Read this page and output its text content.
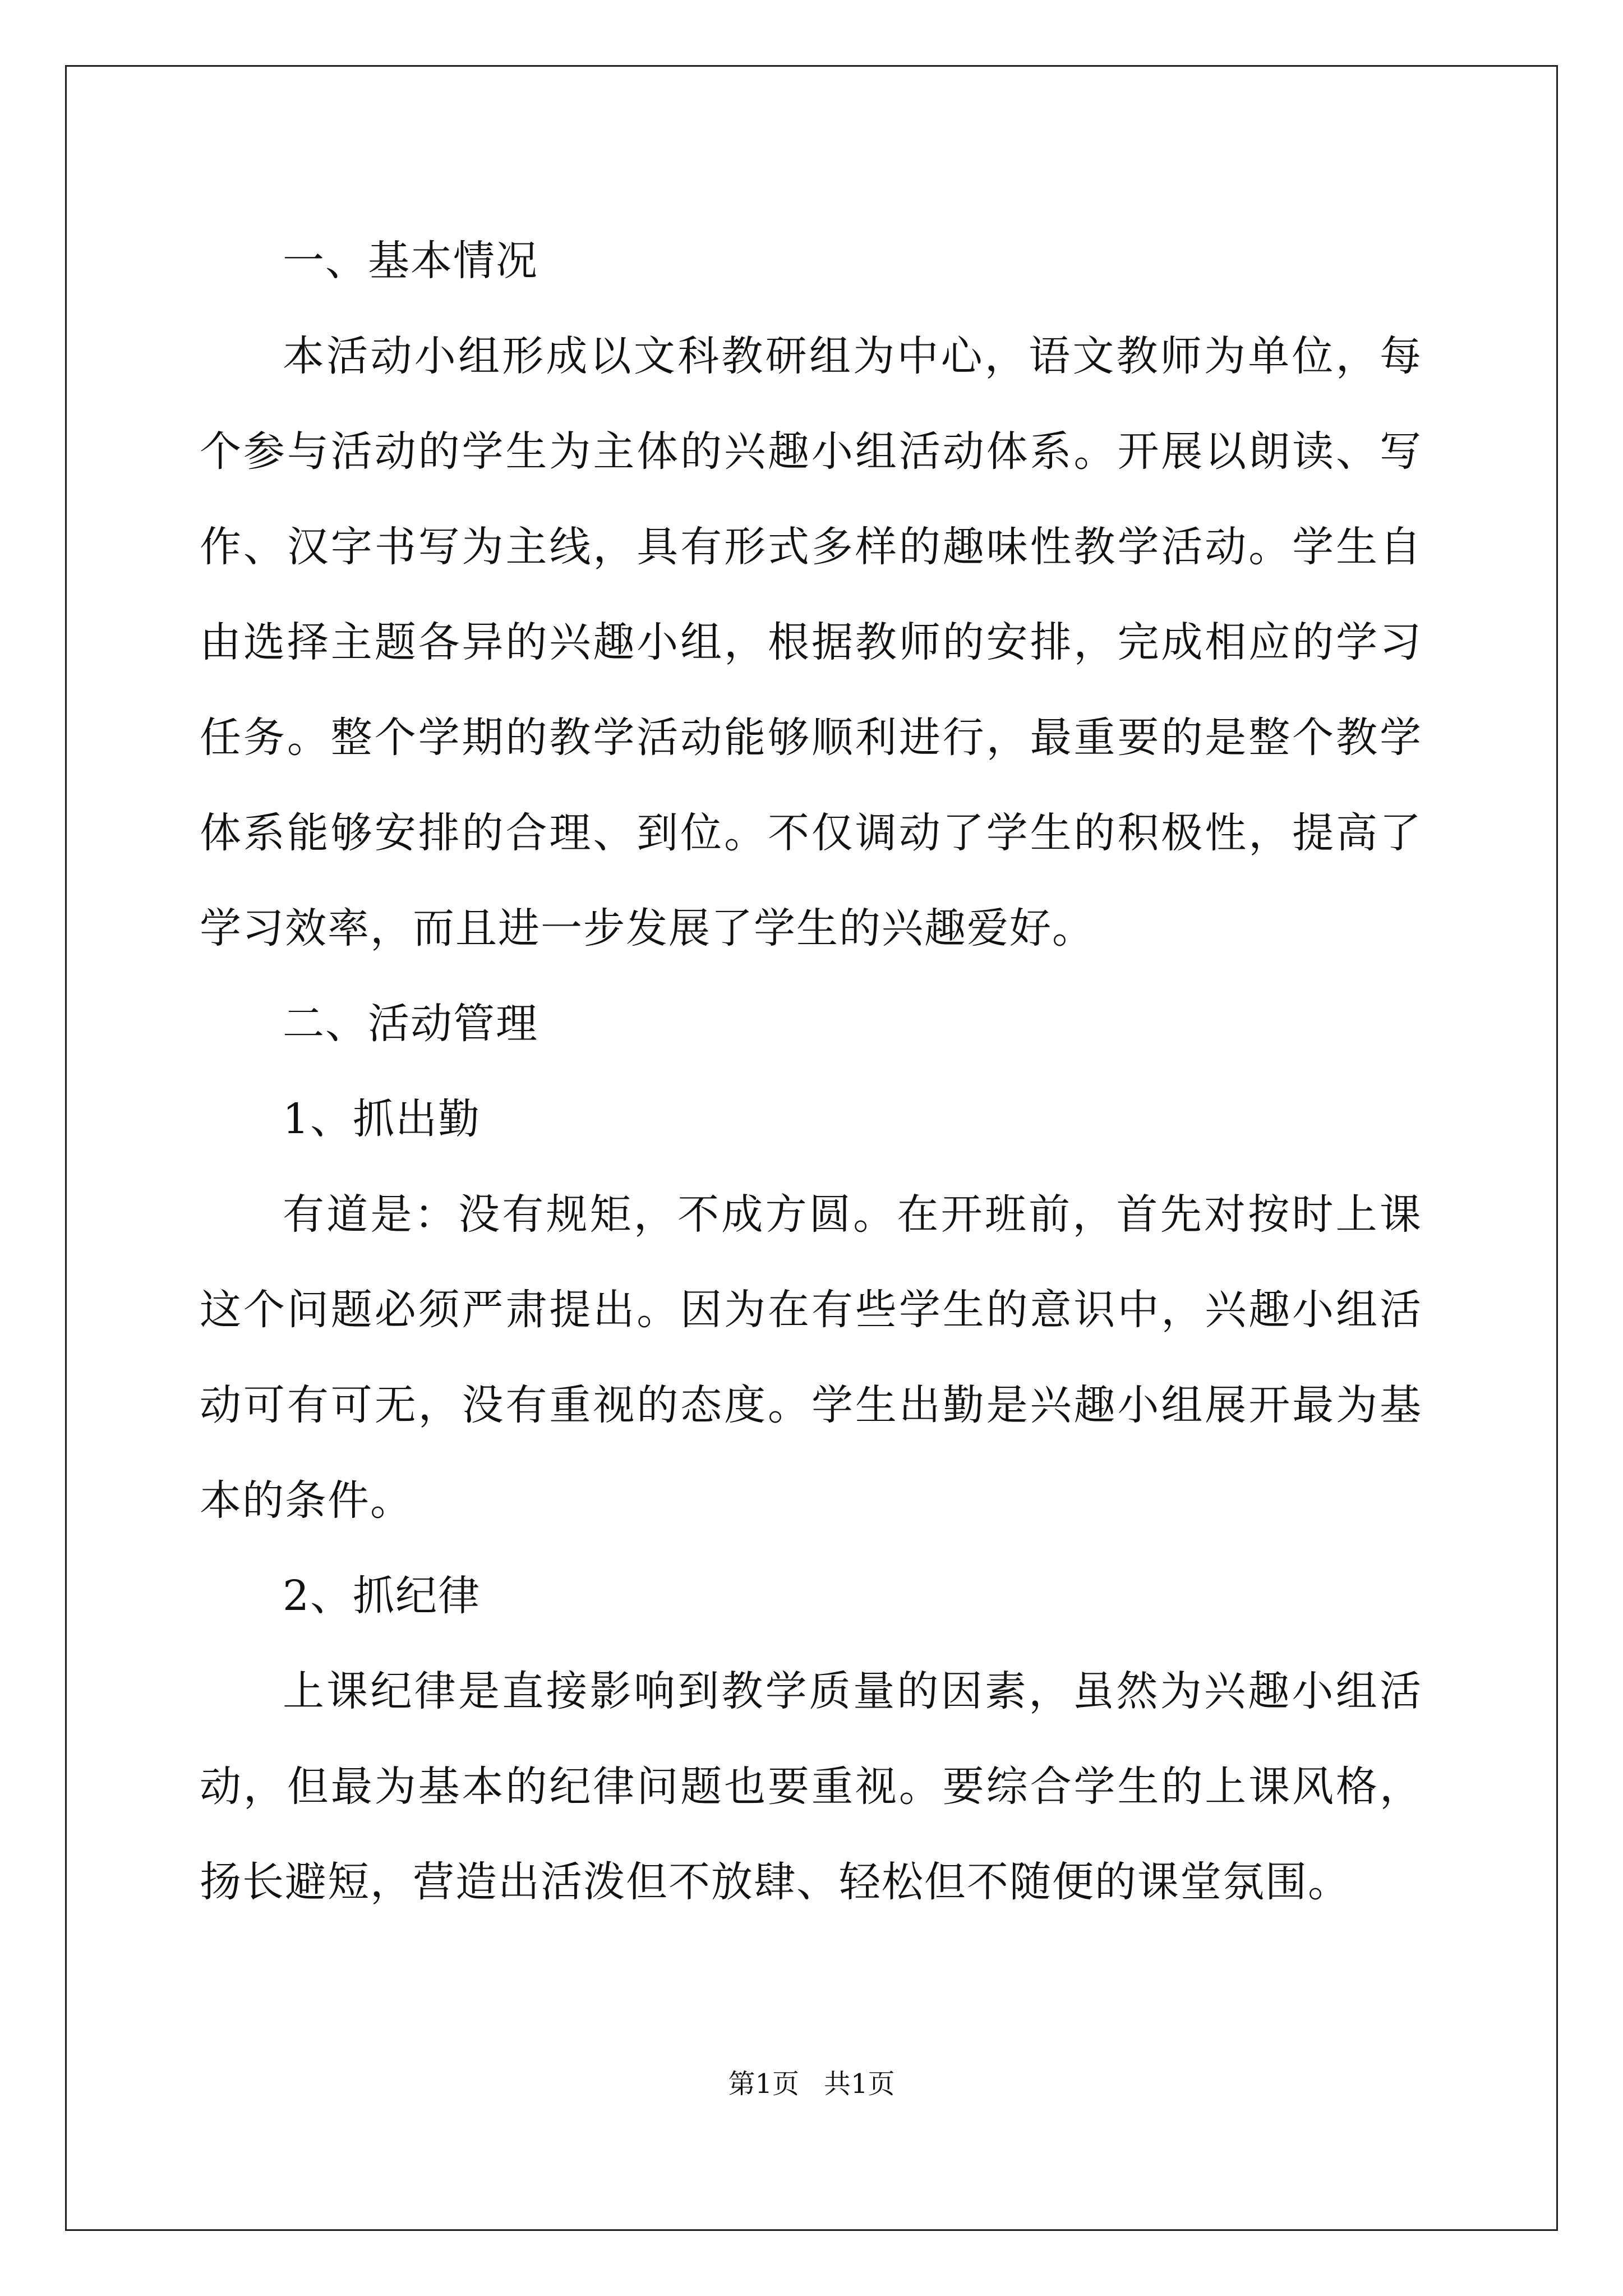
一、基本情况

本活动小组形成以文科教研组为中心，语文教师为单位，每个参与活动的学生为主体的兴趣小组活动体系。开展以朗读、写作、汉字书写为主线，具有形式多样的趣味性教学活动。学生自由选择主题各异的兴趣小组，根据教师的安排，完成相应的学习任务。整个学期的教学活动能够顺利进行，最重要的是整个教学体系能够安排的合理、到位。不仅调动了学生的积极性，提高了学习效率，而且进一步发展了学生的兴趣爱好。

二、活动管理

1、抓出勤

有道是：没有规矩，不成方圆。在开班前，首先对按时上课这个问题必须严肃提出。因为在有些学生的意识中，兴趣小组活动可有可无，没有重视的态度。学生出勤是兴趣小组展开最为基本的条件。

2、抓纪律

上课纪律是直接影响到教学质量的因素，虽然为兴趣小组活动，但最为基本的纪律问题也要重视。要综合学生的上课风格，扬长避短，营造出活泼但不放肆、轻松但不随便的课堂氛围。

第1页 共1页
